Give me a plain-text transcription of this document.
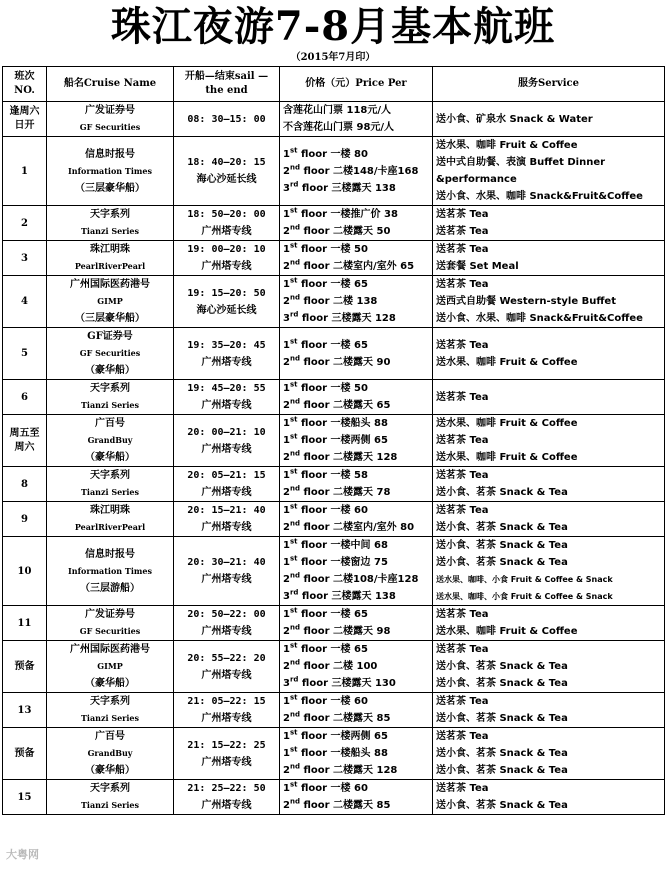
珠江夜游7-8月基本航班
（2015年7月印）
班次NO.	船名Cruise Name	开船—结束sail — the end	价格（元）Price Per	服务Service
逢周六日开	广发证券号
GF Securities	08: 30—15: 00	含莲花山门票 118元/人
不含莲花山门票 98元/人	送小食、矿泉水 Snack & Water

1	信息时报号
Information Times
（三层豪华船）	18: 40—20: 15
海心沙延长线	1st floor 一楼 80
2nd floor 二楼148/卡座168
3rd floor 三楼露天 138	送水果、咖啡 Fruit & Coffee
送中式自助餐、表演 Buffet Dinner
&performance
送小食、水果、咖啡 Snack&Fruit&Coffee

2	天字系列
Tianzi Series	18: 50—20: 00
广州塔专线	1st floor 一楼推广价 38
2nd floor 二楼露天 50	送茗茶 Tea
送茗茶 Tea

3	珠江明珠
PearlRiverPearl	19: 00—20: 10
广州塔专线	1st floor 一楼 50
2nd floor 二楼室内/室外 65	送茗茶 Tea
送套餐 Set Meal

4	广州国际医药港号
GIMP
（三层豪华船）	19: 15—20: 50
海心沙延长线	1st floor 一楼 65
2nd floor 二楼 138
3rd floor 三楼露天 128	送茗茶 Tea
送西式自助餐 Western-style Buffet
送小食、水果、咖啡 Snack&Fruit&Coffee

5	GF证券号
GF Securities
（豪华船）	19: 35—20: 45
广州塔专线	1st floor 一楼 65
2nd floor 二楼露天 90	送茗茶 Tea
送水果、咖啡 Fruit & Coffee

6	天字系列
Tianzi Series	19: 45—20: 55
广州塔专线	1st floor 一楼 50
2nd floor 二楼露天 65	送茗茶 Tea

周五至周六	广百号
GrandBuy
（豪华船）	20: 00—21: 10
广州塔专线	1st floor 一楼船头 88
1st floor 一楼两侧 65
2nd floor 二楼露天 128	送水果、咖啡 Fruit & Coffee
送茗茶 Tea
送水果、咖啡 Fruit & Coffee

8	天字系列
Tianzi Series	20: 05—21: 15
广州塔专线	1st floor 一楼 58
2nd floor 二楼露天 78	送茗茶 Tea
送小食、茗茶 Snack & Tea

9	珠江明珠
PearlRiverPearl	20: 15—21: 40
广州塔专线	1st floor 一楼 60
2nd floor 二楼室内/室外 80	送茗茶 Tea
送小食、茗茶 Snack & Tea

10	信息时报号
Information Times
（三层游船）	20: 30—21: 40
广州塔专线	1st floor 一楼中间 68
1st floor 一楼窗边 75
2nd floor 二楼108/卡座128
3rd floor 三楼露天 138	送小食、茗茶 Snack & Tea
送小食、茗茶 Snack & Tea
送水果、咖啡、小食 Fruit & Coffee & Snack
送水果、咖啡、小食 Fruit & Coffee & Snack

11	广发证券号
GF Securities	20: 50—22: 00
广州塔专线	1st floor 一楼 65
2nd floor 二楼露天 98	送茗茶 Tea
送水果、咖啡 Fruit & Coffee

预备	广州国际医药港号
GIMP
（豪华船）	20: 55—22: 20
广州塔专线	1st floor 一楼 65
2nd floor 二楼 100
3rd floor 三楼露天 130	送茗茶 Tea
送小食、茗茶 Snack & Tea
送小食、茗茶 Snack & Tea

13	天字系列
Tianzi Series	21: 05—22: 15
广州塔专线	1st floor 一楼 60
2nd floor 二楼露天 85	送茗茶 Tea
送小食、茗茶 Snack & Tea

预备	广百号
GrandBuy
（豪华船）	21: 15—22: 25
广州塔专线	1st floor 一楼两侧 65
1st floor 一楼船头 88
2nd floor 二楼露天 128	送茗茶 Tea
送小食、茗茶 Snack & Tea
送小食、茗茶 Snack & Tea

15	天字系列
Tianzi Series	21: 25—22: 50
广州塔专线	1st floor 一楼 60
2nd floor 二楼露天 85	送茗茶 Tea
送小食、茗茶 Snack & Tea
大粤网
